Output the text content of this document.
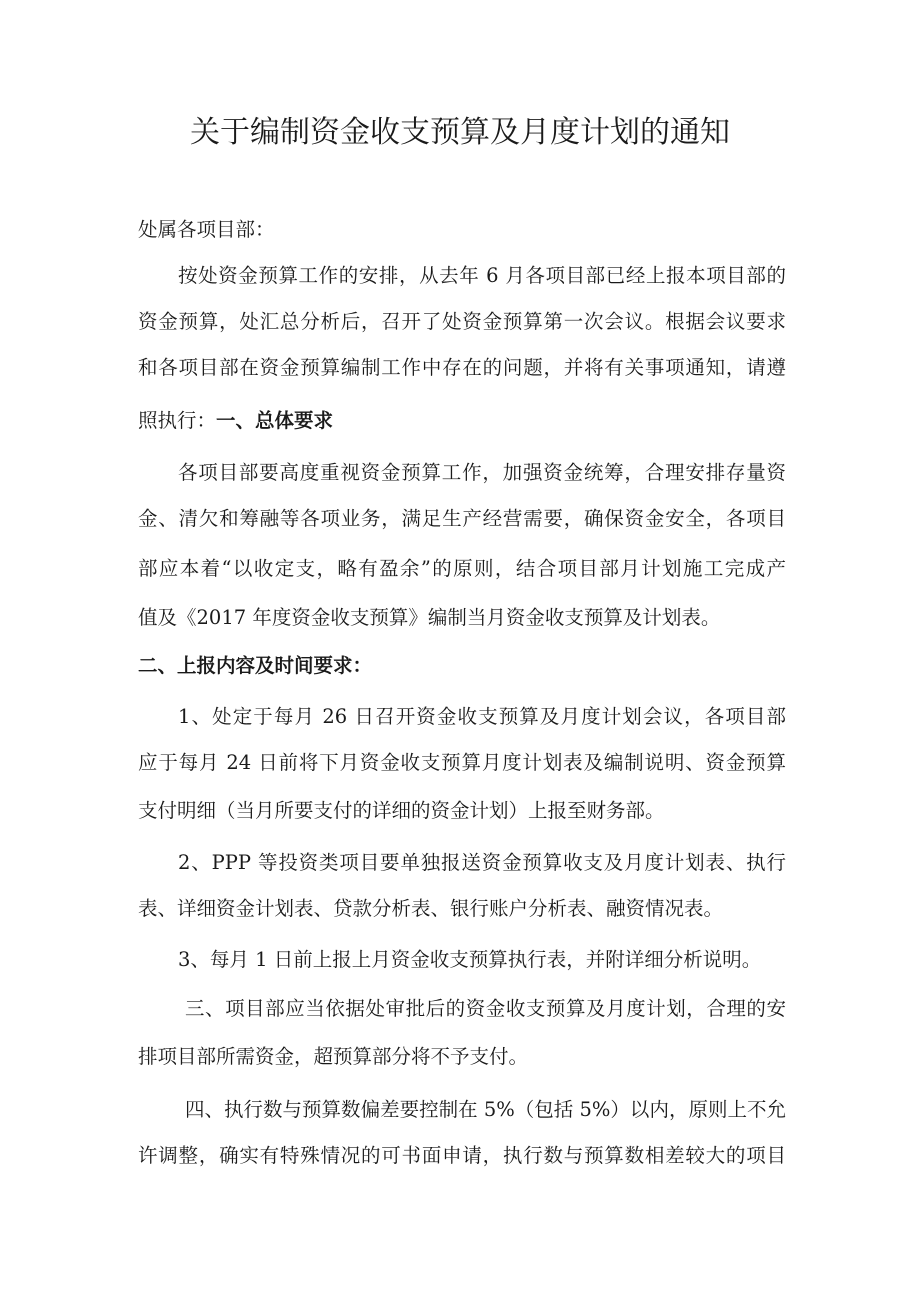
关于编制资金收支预算及月度计划的通知
处属各项目部：
按处资金预算工作的安排，从去年 6 月各项目部已经上报本项目部的
资金预算，处汇总分析后，召开了处资金预算第一次会议。根据会议要求
和各项目部在资金预算编制工作中存在的问题，并将有关事项通知，请遵
照执行：一、总体要求
各项目部要高度重视资金预算工作，加强资金统筹，合理安排存量资
金、清欠和筹融等各项业务，满足生产经营需要，确保资金安全，各项目
部应本着“以收定支，略有盈余”的原则，结合项目部月计划施工完成产
值及《2017 年度资金收支预算》编制当月资金收支预算及计划表。
二、上报内容及时间要求：
1、处定于每月 26 日召开资金收支预算及月度计划会议，各项目部
应于每月 24 日前将下月资金收支预算月度计划表及编制说明、资金预算
支付明细（当月所要支付的详细的资金计划）上报至财务部。
2、PPP 等投资类项目要单独报送资金预算收支及月度计划表、执行
表、详细资金计划表、贷款分析表、银行账户分析表、融资情况表。
3、每月 1 日前上报上月资金收支预算执行表，并附详细分析说明。
三、项目部应当依据处审批后的资金收支预算及月度计划，合理的安
排项目部所需资金，超预算部分将不予支付。
四、执行数与预算数偏差要控制在 5%（包括 5%）以内，原则上不允
许调整，确实有特殊情况的可书面申请，执行数与预算数相差较大的项目
